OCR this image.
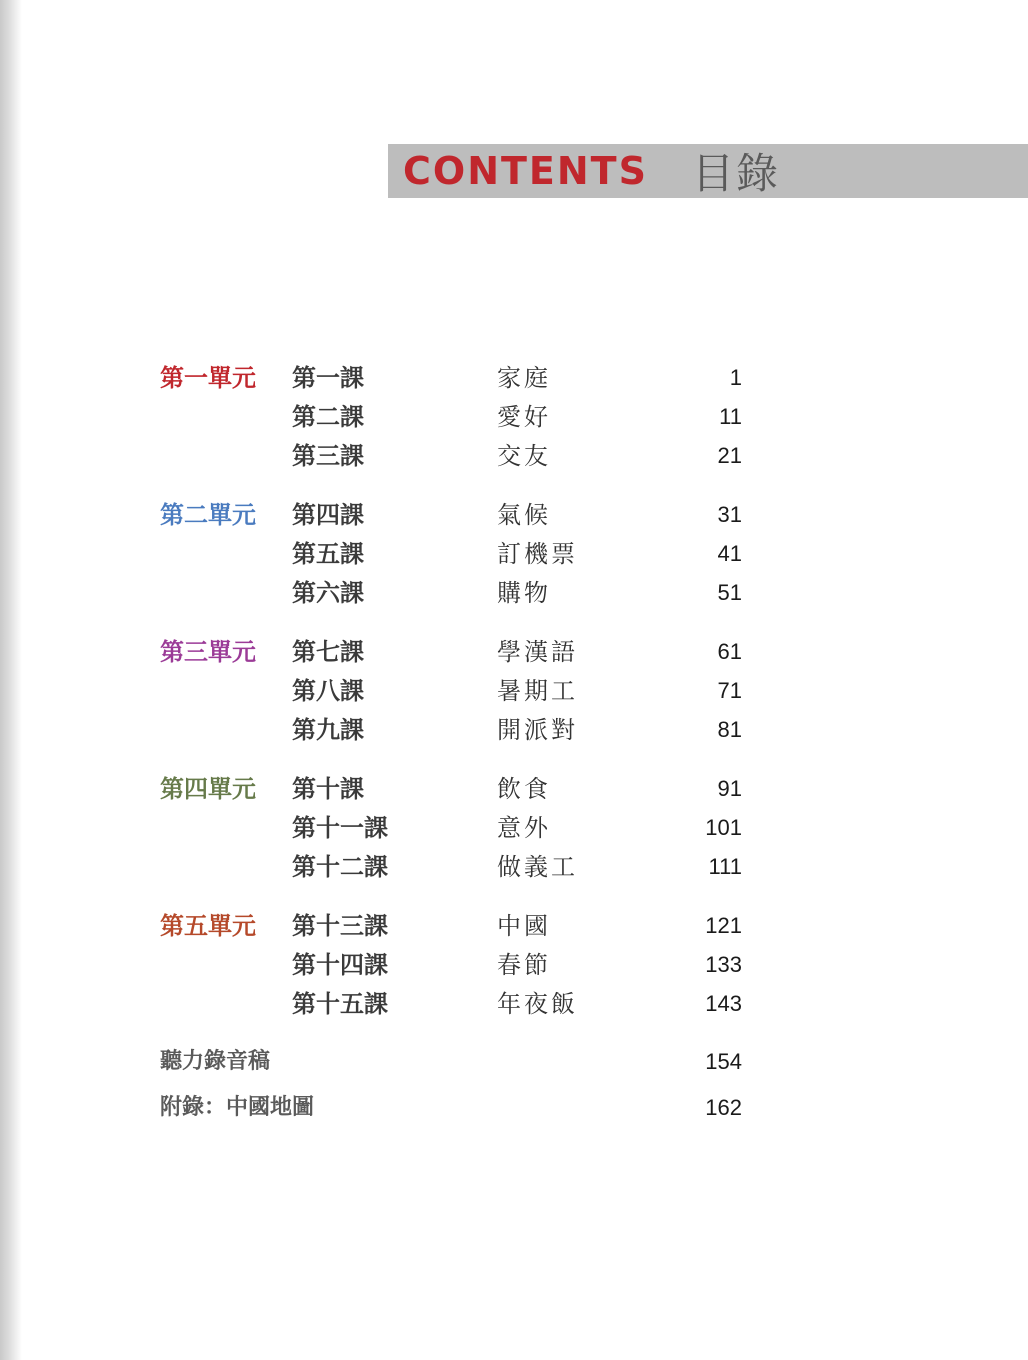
CONTENTS 目錄
第一單元	第一課	家庭	1
第二課	愛好	11
第三課	交友	21
第二單元	第四課	氣候	31
第五課	訂機票	41
第六課	購物	51
第三單元	第七課	學漢語	61
第八課	暑期工	71
第九課	開派對	81
第四單元	第十課	飲食	91
第十一課	意外	101
第十二課	做義工	111
第五單元	第十三課	中國	121
第十四課	春節	133
第十五課	年夜飯	143
聽力錄音稿	154
附錄：中國地圖	162
